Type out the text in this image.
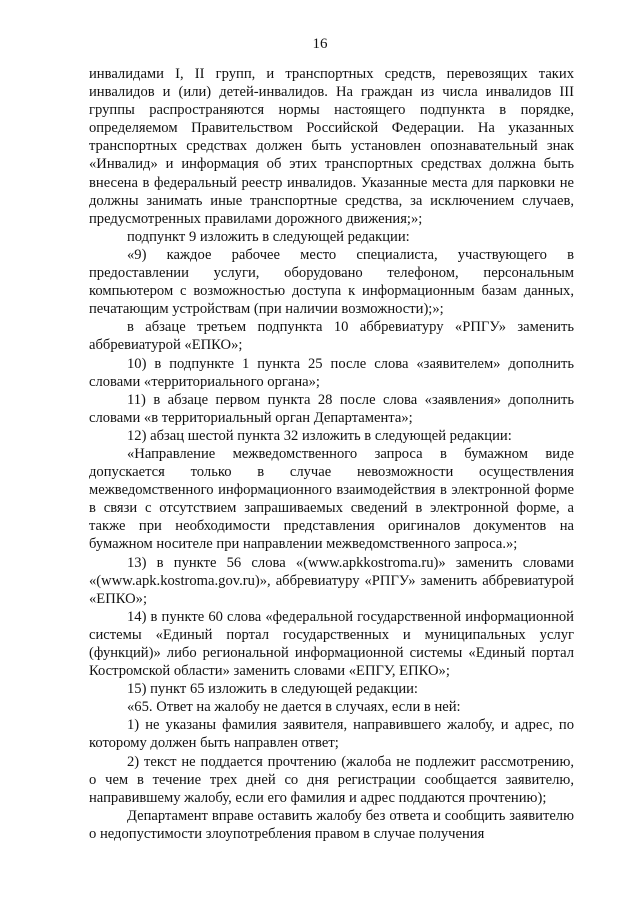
16

инвалидами I, II групп, и транспортных средств, перевозящих таких инвалидов и (или) детей-инвалидов. На граждан из числа инвалидов III группы распространяются нормы настоящего подпункта в порядке, определяемом Правительством Российской Федерации. На указанных транспортных средствах должен быть установлен опознавательный знак «Инвалид» и информация об этих транспортных средствах должна быть внесена в федеральный реестр инвалидов. Указанные места для парковки не должны занимать иные транспортные средства, за исключением случаев, предусмотренных правилами дорожного движения;»;

подпункт 9 изложить в следующей редакции:

«9) каждое рабочее место специалиста, участвующего в предоставлении услуги, оборудовано телефоном, персональным компьютером с возможностью доступа к информационным базам данных, печатающим устройствам (при наличии возможности);»;

в абзаце третьем подпункта 10 аббревиатуру «РПГУ» заменить аббревиатурой «ЕПКО»;

10) в подпункте 1 пункта 25 после слова «заявителем» дополнить словами «территориального органа»;

11) в абзаце первом пункта 28 после слова «заявления» дополнить словами «в территориальный орган Департамента»;

12) абзац шестой пункта 32 изложить в следующей редакции:

«Направление межведомственного запроса в бумажном виде допускается только в случае невозможности осуществления межведомственного информационного взаимодействия в электронной форме в связи с отсутствием запрашиваемых сведений в электронной форме, а также при необходимости представления оригиналов документов на бумажном носителе при направлении межведомственного запроса.»;

13) в пункте 56 слова «(www.apkkostroma.ru)» заменить словами «(www.apk.kostroma.gov.ru)», аббревиатуру «РПГУ» заменить аббревиатурой «ЕПКО»;

14) в пункте 60 слова «федеральной государственной информационной системы «Единый портал государственных и муниципальных услуг (функций)» либо региональной информационной системы «Единый портал Костромской области» заменить словами «ЕПГУ, ЕПКО»;

15) пункт 65 изложить в следующей редакции:

«65. Ответ на жалобу не дается в случаях, если в ней:

1) не указаны фамилия заявителя, направившего жалобу, и адрес, по которому должен быть направлен ответ;

2) текст не поддается прочтению (жалоба не подлежит рассмотрению, о чем в течение трех дней со дня регистрации сообщается заявителю, направившему жалобу, если его фамилия и адрес поддаются прочтению);

Департамент вправе оставить жалобу без ответа и сообщить заявителю о недопустимости злоупотребления правом в случае получения
